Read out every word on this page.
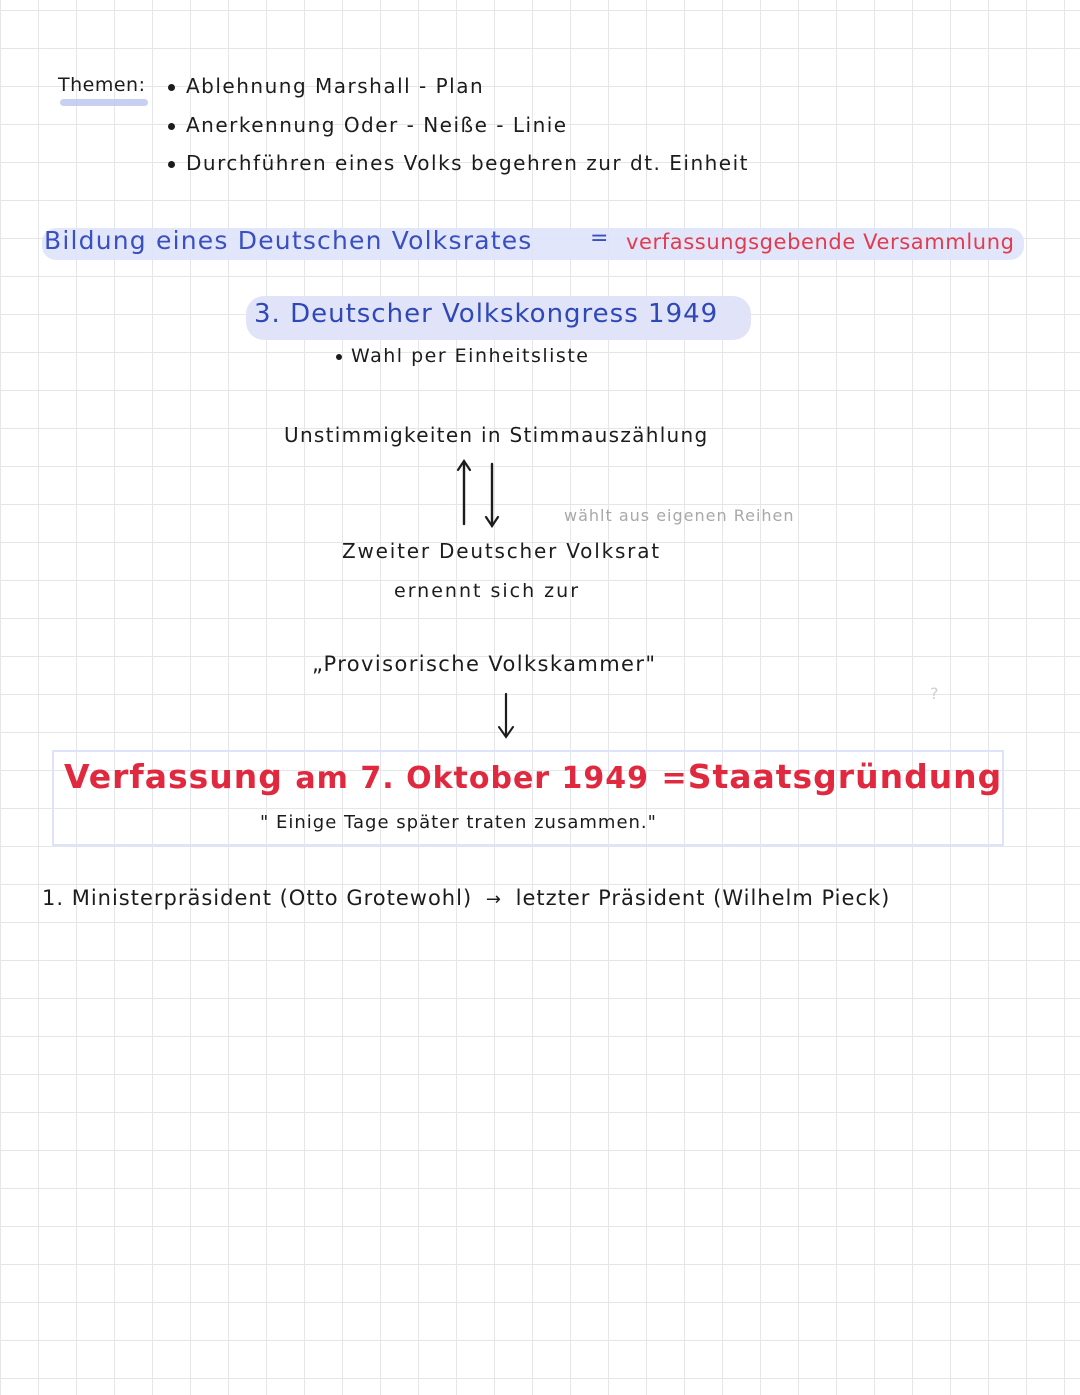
Themen:	Ablehnung Marshall - Plan
Anerkennung Oder - Neiße - Linie
Durchführen eines Volks begehren zur dt. Einheit
Bildung eines Deutschen Volksrates	= verfassungsgebende Versammlung
3. Deutscher Volkskongress 1949
Wahl per Einheitsliste
Unstimmigkeiten in Stimmauszählung
wählt aus eigenen Reihen
Zweiter Deutscher Volksrat
ernennt sich zur
„Provisorische Volkskammer"
?
Verfassung am 7. Oktober 1949 =Staatsgründung
" Einige Tage später traten zusammen."
1. Ministerpräsident (Otto Grotewohl) → letzter Präsident (Wilhelm Pieck)
